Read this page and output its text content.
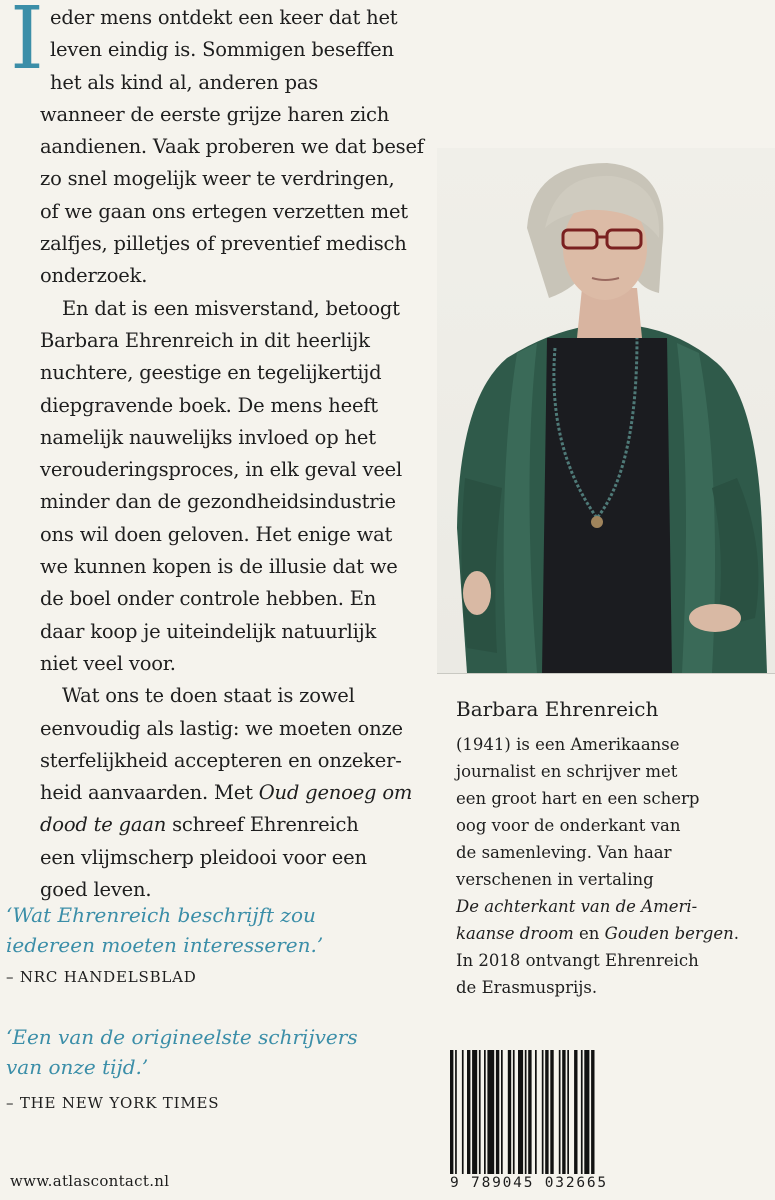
I eder mens ontdekt een keer dat het
leven eindig is. Sommigen beseffen
het als kind al, anderen pas
wanneer de eerste grijze haren zich
aandienen. Vaak proberen we dat besef
zo snel mogelijk weer te verdringen,
of we gaan ons ertegen verzetten met
zalfjes, pilletjes of preventief medisch
onderzoek.
En dat is een misverstand, betoogt
Barbara Ehrenreich in dit heerlijk
nuchtere, geestige en tegelijkertijd
diepgravende boek. De mens heeft
namelijk nauwelijks invloed op het
verouderingsproces, in elk geval veel
minder dan de gezondheidsindustrie
ons wil doen geloven. Het enige wat
we kunnen kopen is de illusie dat we
de boel onder controle hebben. En
daar koop je uiteindelijk natuurlijk
niet veel voor.
Wat ons te doen staat is zowel
eenvoudig als lastig: we moeten onze
sterfelijkheid accepteren en onzeker-
heid aanvaarden. Met Oud genoeg om
dood te gaan schreef Ehrenreich
een vlijmscherp pleidooi voor een
goed leven.
‘Wat Ehrenreich beschrijft zou
iedereen moeten interesseren.’
– NRC HANDELSBLAD
‘Een van de origineelste schrijvers
van onze tijd.’
– THE NEW YORK TIMES
www.atlascontact.nl
Barbara Ehrenreich
(1941) is een Amerikaanse
journalist en schrijver met
een groot hart en een scherp
oog voor de onderkant van
de samenleving. Van haar
verschenen in vertaling
De achterkant van de Ameri-
kaanse droom en Gouden bergen.
In 2018 ontvangt Ehrenreich
de Erasmusprijs.
9 789045 032665
